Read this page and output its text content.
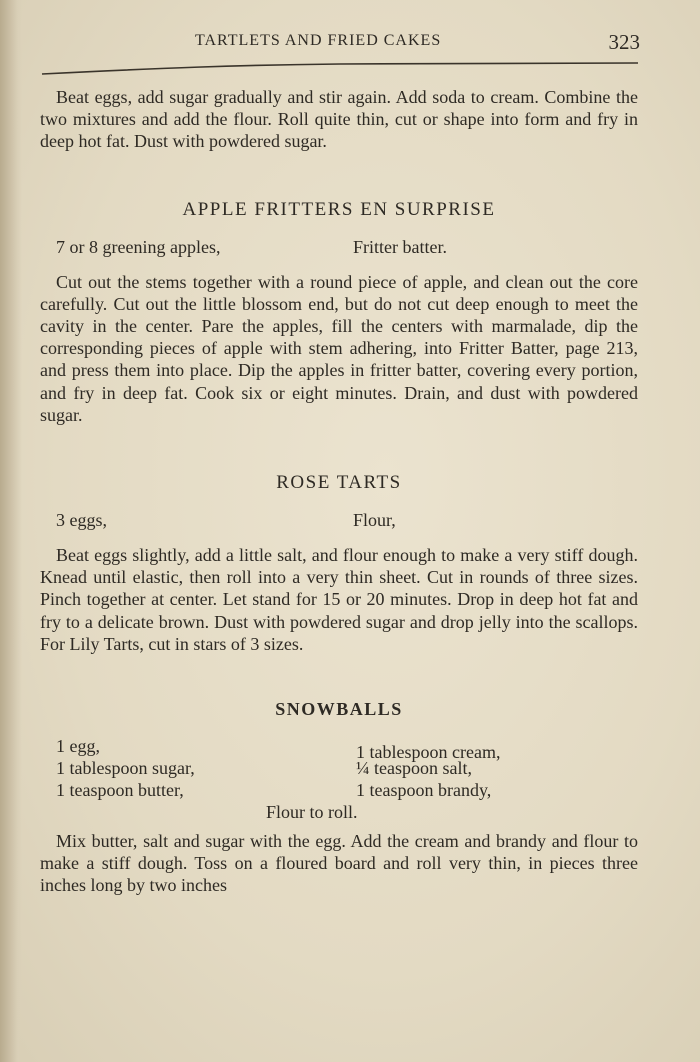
TARTLETS AND FRIED CAKES	323

Beat eggs, add sugar gradually and stir again. Add soda to cream. Combine the two mixtures and add the flour. Roll quite thin, cut or shape into form and fry in deep hot fat. Dust with powdered sugar.

APPLE FRITTERS EN SURPRISE
7 or 8 greening apples,	Fritter batter.

Cut out the stems together with a round piece of apple, and clean out the core carefully. Cut out the little blossom end, but do not cut deep enough to meet the cavity in the center. Pare the apples, fill the centers with marmalade, dip the corresponding pieces of apple with stem adhering, into Fritter Batter, page 213, and press them into place. Dip the apples in fritter batter, covering every portion, and fry in deep fat. Cook six or eight minutes. Drain, and dust with powdered sugar.

ROSE TARTS
3 eggs,	Flour,

Beat eggs slightly, add a little salt, and flour enough to make a very stiff dough. Knead until elastic, then roll into a very thin sheet. Cut in rounds of three sizes. Pinch together at center. Let stand for 15 or 20 minutes. Drop in deep hot fat and fry to a delicate brown. Dust with powdered sugar and drop jelly into the scallops. For Lily Tarts, cut in stars of 3 sizes.

SNOWBALLS
1 egg,	1 tablespoon cream,
1 tablespoon sugar,	¼ teaspoon salt,
1 teaspoon butter,	1 teaspoon brandy,
Flour to roll.

Mix butter, salt and sugar with the egg. Add the cream and brandy and flour to make a stiff dough. Toss on a floured board and roll very thin, in pieces three inches long by two inches
